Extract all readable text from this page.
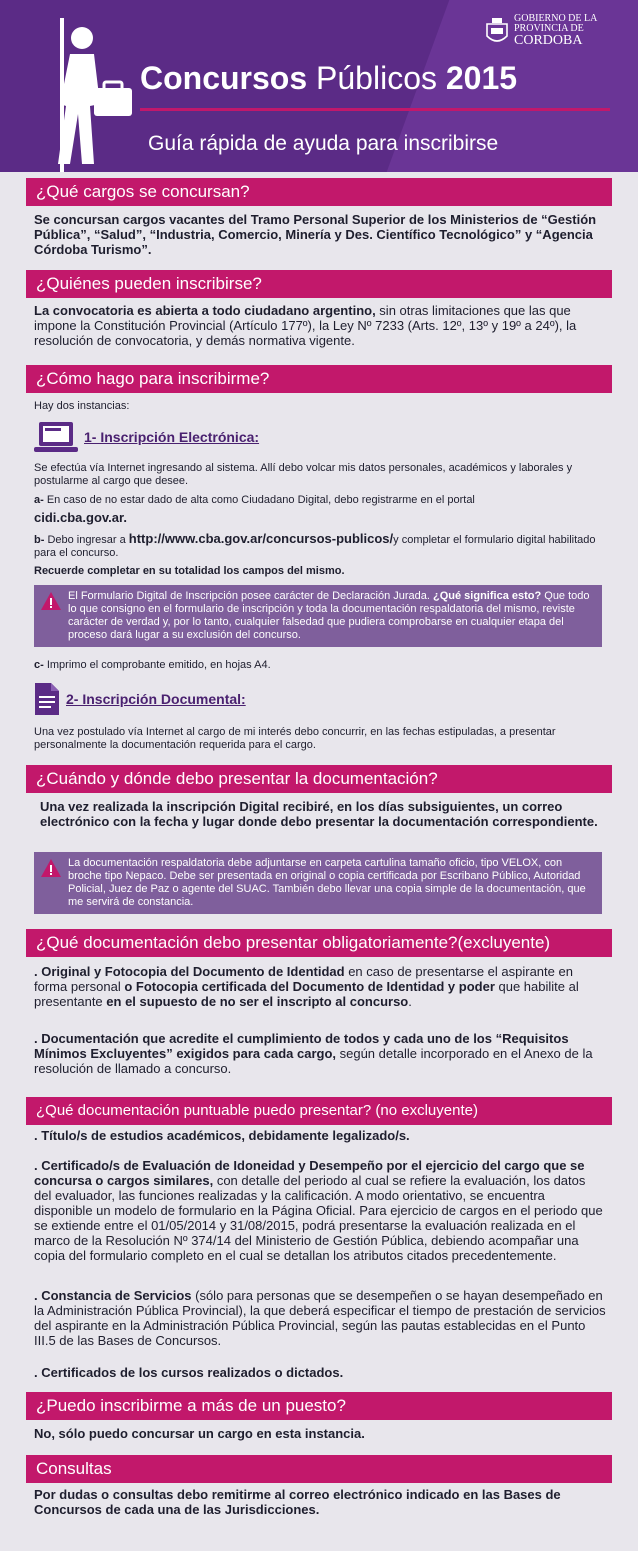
GOBIERNO DE LA
PROVINCIA DE
CORDOBA
Concursos Públicos 2015
Guía rápida de ayuda para inscribirse
¿Qué cargos se concursan?
Se concursan cargos vacantes del Tramo Personal Superior de los Ministerios de “Gestión Pública”, “Salud”, “Industria, Comercio, Minería y Des. Científico Tecnológico” y “Agencia Córdoba Turismo”.
¿Quiénes pueden inscribirse?
La convocatoria es abierta a todo ciudadano argentino, sin otras limitaciones que las que impone la Constitución Provincial (Artículo 177º), la Ley Nº 7233 (Arts. 12º, 13º y 19º a 24º), la resolución de convocatoria, y demás normativa vigente.
¿Cómo hago para inscribirme?
Hay dos instancias:
1- Inscripción Electrónica:
Se efectúa vía Internet ingresando al sistema. Allí debo volcar mis datos personales, académicos y laborales y postularme al cargo que desee.
a- En caso de no estar dado de alta como Ciudadano Digital, debo registrarme en el portal
cidi.cba.gov.ar.
b- Debo ingresar a http://www.cba.gov.ar/concursos-publicos/y completar el formulario digital habilitado para el concurso.
Recuerde completar en su totalidad los campos del mismo.
El Formulario Digital de Inscripción posee carácter de Declaración Jurada. ¿Qué significa esto? Que todo lo que consigno en el formulario de inscripción y toda la documentación respaldatoria del mismo, reviste carácter de verdad y, por lo tanto, cualquier falsedad que pudiera comprobarse en cualquier etapa del proceso dará lugar a su exclusión del concurso.
c- Imprimo el comprobante emitido, en hojas A4.
2- Inscripción Documental:
Una vez postulado vía Internet al cargo de mi interés debo concurrir, en las fechas estipuladas, a presentar personalmente la documentación requerida para el cargo.
¿Cuándo y dónde debo presentar la documentación?
Una vez realizada la inscripción Digital recibiré, en los días subsiguientes, un correo electrónico con la fecha y lugar donde debo presentar la documentación correspondiente.
La documentación respaldatoria debe adjuntarse en carpeta cartulina tamaño oficio, tipo VELOX, con broche tipo Nepaco. Debe ser presentada en original o copia certificada por Escribano Público, Autoridad Policial, Juez de Paz o agente del SUAC. También debo llevar una copia simple de la documentación, que me servirá de constancia.
¿Qué documentación debo presentar obligatoriamente?(excluyente)
. Original y Fotocopia del Documento de Identidad en caso de presentarse el aspirante en forma personal o Fotocopia certificada del Documento de Identidad y poder que habilite al presentante en el supuesto de no ser el inscripto al concurso.
. Documentación que acredite el cumplimiento de todos y cada uno de los “Requisitos Mínimos Excluyentes” exigidos para cada cargo, según detalle incorporado en el Anexo de la resolución de llamado a concurso.
¿Qué documentación puntuable puedo presentar? (no excluyente)
. Título/s de estudios académicos, debidamente legalizado/s.
. Certificado/s de Evaluación de Idoneidad y Desempeño por el ejercicio del cargo que se concursa o cargos similares, con detalle del periodo al cual se refiere la evaluación, los datos del evaluador, las funciones realizadas y la calificación. A modo orientativo, se encuentra disponible un modelo de formulario en la Página Oficial. Para ejercicio de cargos en el periodo que se extiende entre el 01/05/2014 y 31/08/2015, podrá presentarse la evaluación realizada en el marco de la Resolución Nº 374/14 del Ministerio de Gestión Pública, debiendo acompañar una copia del formulario completo en el cual se detallan los atributos citados precedentemente.
. Constancia de Servicios (sólo para personas que se desempeñen o se hayan desempeñado en la Administración Pública Provincial), la que deberá especificar el tiempo de prestación de servicios del aspirante en la Administración Pública Provincial, según las pautas establecidas en el Punto III.5 de las Bases de Concursos.
. Certificados de los cursos realizados o dictados.
¿Puedo inscribirme a más de un puesto?
No, sólo puedo concursar un cargo en esta instancia.
Consultas
Por dudas o consultas debo remitirme al correo electrónico indicado en las Bases de Concursos de cada una de las Jurisdicciones.
